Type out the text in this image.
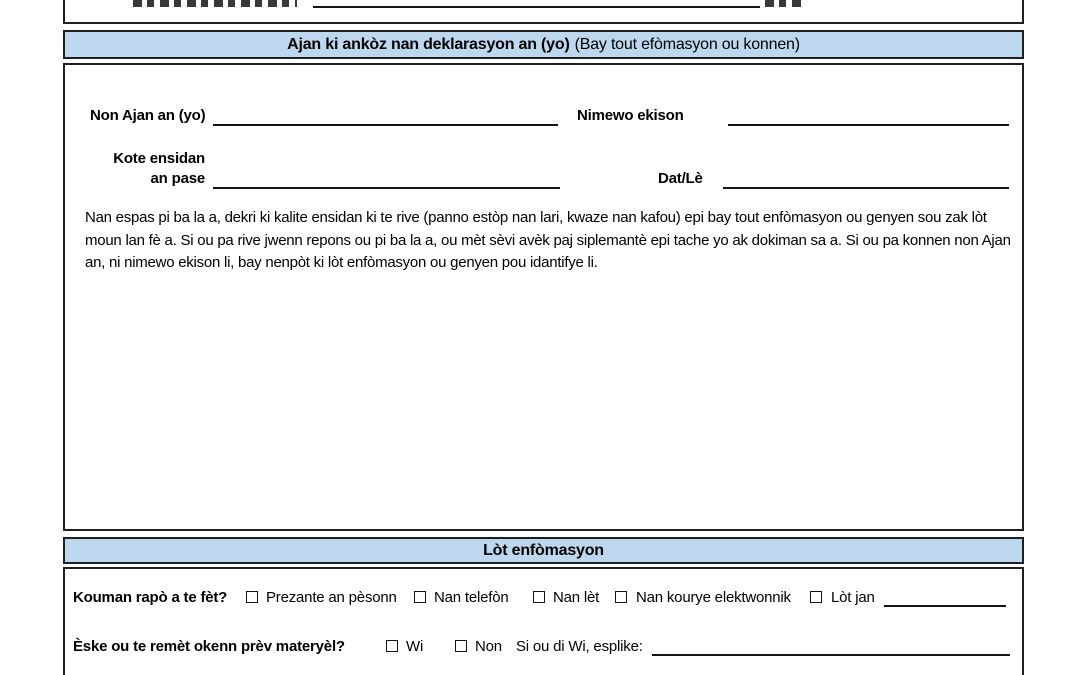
Ajan ki ankòz nan deklarasyon an (yo) (Bay tout efòmasyon ou konnen)
Non Ajan an (yo)	Nimewo ekison
Kote ensidan
an pase	Dat/Lè
Nan espas pi ba la a, dekri ki kalite ensidan ki te rive (panno estòp nan lari, kwaze nan kafou) epi bay tout enfòmasyon ou genyen sou zak lòt moun lan fè a. Si ou pa rive jwenn repons ou pi ba la a, ou mèt sèvi avèk paj siplemantè epi tache yo ak dokiman sa a. Si ou pa konnen non Ajan an, ni nimewo ekison li, bay nenpòt ki lòt enfòmasyon ou genyen pou idantifye li.
Lòt enfòmasyon
Kouman rapò a te fèt?	Prezante an pèsonn Nan telefòn	Nan lèt Nan kourye elektwonnik	Lòt jan
Èske ou te remèt okenn prèv materyèl?	Wi	Non Si ou di Wi, esplike:
